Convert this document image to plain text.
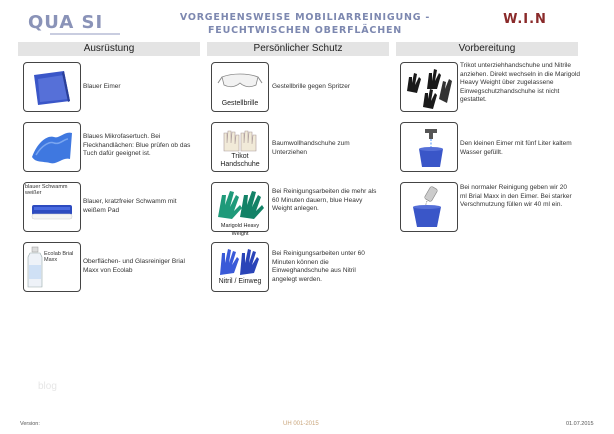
QUA SI	VORGEHENSWEISE MOBILIARREINIGUNG -
FEUCHTWISCHEN OBERFLÄCHEN
W.I.N
Ausrüstung	Persönlicher Schutz	Vorbereitung
Blauer Eimer
Blaues Mikrofasertuch. Bei Fleckhandlächen: Blue prüfen ob das Tuch dafür geeignet ist.
blauer Schwamm weißer
Blauer, kratzfreier Schwamm mit weißem Pad
Ecolab Brial Maxx	Oberflächen- und Glasreiniger Brial Maxx von Ecolab
Gestellbrille
Gestellbrille gegen Spritzer
Trikot Handschuhe
Baumwollhandschuhe zum Unterziehen
Marigold Heavy Weight
Bei Reinigungsarbeiten die mehr als 60 Minuten dauern, blue Heavy Weight anlegen.
Nitril / Einweg
Bei Reinigungsarbeiten unter 60 Minuten können die Einweghandschuhe aus Nitril angelegt werden.
Trikot unterziehhandschuhe und Nitrile anziehen. Direkt wechseln in die Marigold Heavy Weight über zugelassene Einwegschutzhandschuhe ist nicht gestattet.
Den kleinen Eimer mit fünf Liter kaltem Wasser gefüllt.
Bei normaler Reinigung geben wir 20 ml Brial Maxx in den Eimer. Bei starker Verschmutzung füllen wir 40 ml ein.
blog
Version:	UH 001-2015	01.07.2015
